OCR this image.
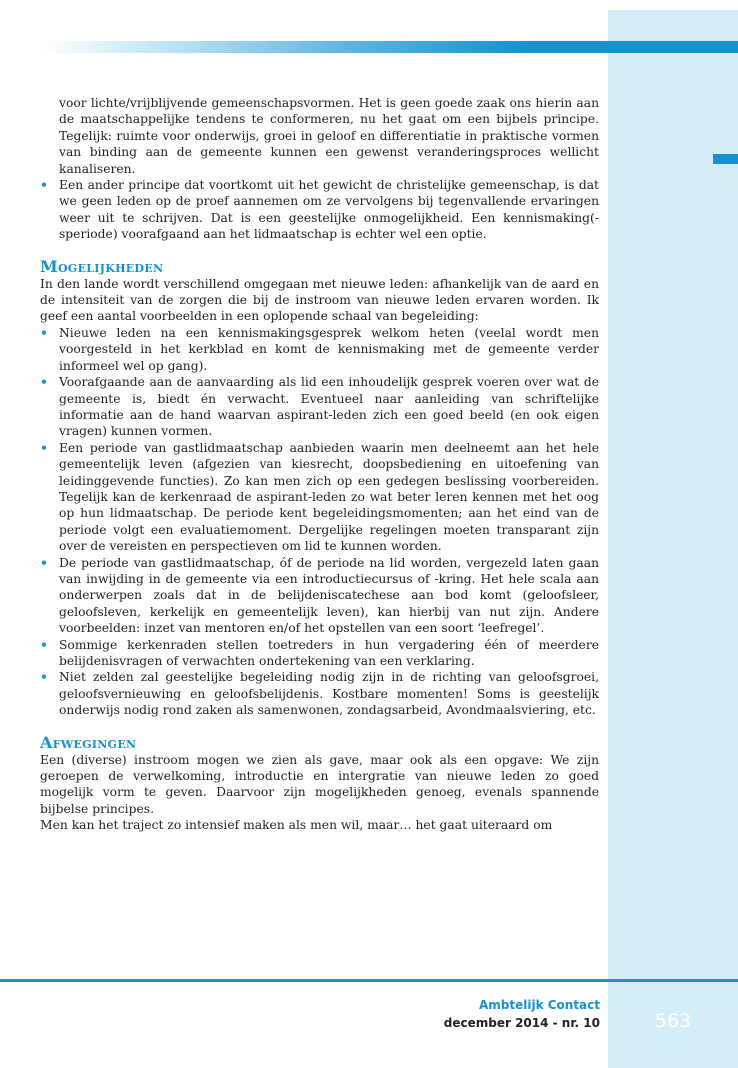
voor lichte/vrijblijvende gemeenschapsvormen. Het is geen goede zaak ons hierin aan de maatschappelijke tendens te conformeren, nu het gaat om een bijbels principe. Tegelijk: ruimte voor onderwijs, groei in geloof en differentiatie in praktische vormen van binding aan de gemeente kunnen een gewenst veranderingsproces wellicht kanaliseren.

• Een ander principe dat voortkomt uit het gewicht de christelijke gemeenschap, is dat we geen leden op de proef aannemen om ze vervolgens bij tegenvallende ervaringen weer uit te schrijven. Dat is een geestelijke onmogelijkheid. Een kennismaking(-speriode) voorafgaand aan het lidmaatschap is echter wel een optie.
Mogelijkheden

In den lande wordt verschillend omgegaan met nieuwe leden: afhankelijk van de aard en de intensiteit van de zorgen die bij de instroom van nieuwe leden ervaren worden. Ik geef een aantal voorbeelden in een oplopende schaal van begeleiding:

• Nieuwe leden na een kennismakingsgesprek welkom heten (veelal wordt men voorgesteld in het kerkblad en komt de kennismaking met de gemeente verder informeel wel op gang).
• Voorafgaande aan de aanvaarding als lid een inhoudelijk gesprek voeren over wat de gemeente is, biedt én verwacht. Eventueel naar aanleiding van schriftelijke informatie aan de hand waarvan aspirant-leden zich een goed beeld (en ook eigen vragen) kunnen vormen.
• Een periode van gastlidmaatschap aanbieden waarin men deelneemt aan het hele gemeentelijk leven (afgezien van kiesrecht, doopsbediening en uitoefening van leidinggevende functies). Zo kan men zich op een gedegen beslissing voorbereiden. Tegelijk kan de kerkenraad de aspirant-leden zo wat beter leren kennen met het oog op hun lidmaatschap. De periode kent begeleidingsmomenten; aan het eind van de periode volgt een evaluatiemoment. Dergelijke regelingen moeten transparant zijn over de vereisten en perspectieven om lid te kunnen worden.
• De periode van gastlidmaatschap, óf de periode na lid worden, vergezeld laten gaan van inwijding in de gemeente via een introductiecursus of -kring. Het hele scala aan onderwerpen zoals dat in de belijdeniscatechese aan bod komt (geloofsleer, geloofsleven, kerkelijk en gemeentelijk leven), kan hierbij van nut zijn. Andere voorbeelden: inzet van mentoren en/of het opstellen van een soort ‘leefregel’.
• Sommige kerkenraden stellen toetreders in hun vergadering één of meerdere belijdenisvragen of verwachten ondertekening van een verklaring.
• Niet zelden zal geestelijke begeleiding nodig zijn in de richting van geloofsgroei, geloofsvernieuwing en geloofsbelijdenis. Kostbare momenten! Soms is geestelijk onderwijs nodig rond zaken als samenwonen, zondagsarbeid, Avondmaalsviering, etc.
Afwegingen

Een (diverse) instroom mogen we zien als gave, maar ook als een opgave: We zijn geroepen de verwelkoming, introductie en intergratie van nieuwe leden zo goed mogelijk vorm te geven. Daarvoor zijn mogelijkheden genoeg, evenals spannende bijbelse principes.

Men kan het traject zo intensief maken als men wil, maar… het gaat uiteraard om

Ambtelijk Contact
december 2014 - nr. 10	563
